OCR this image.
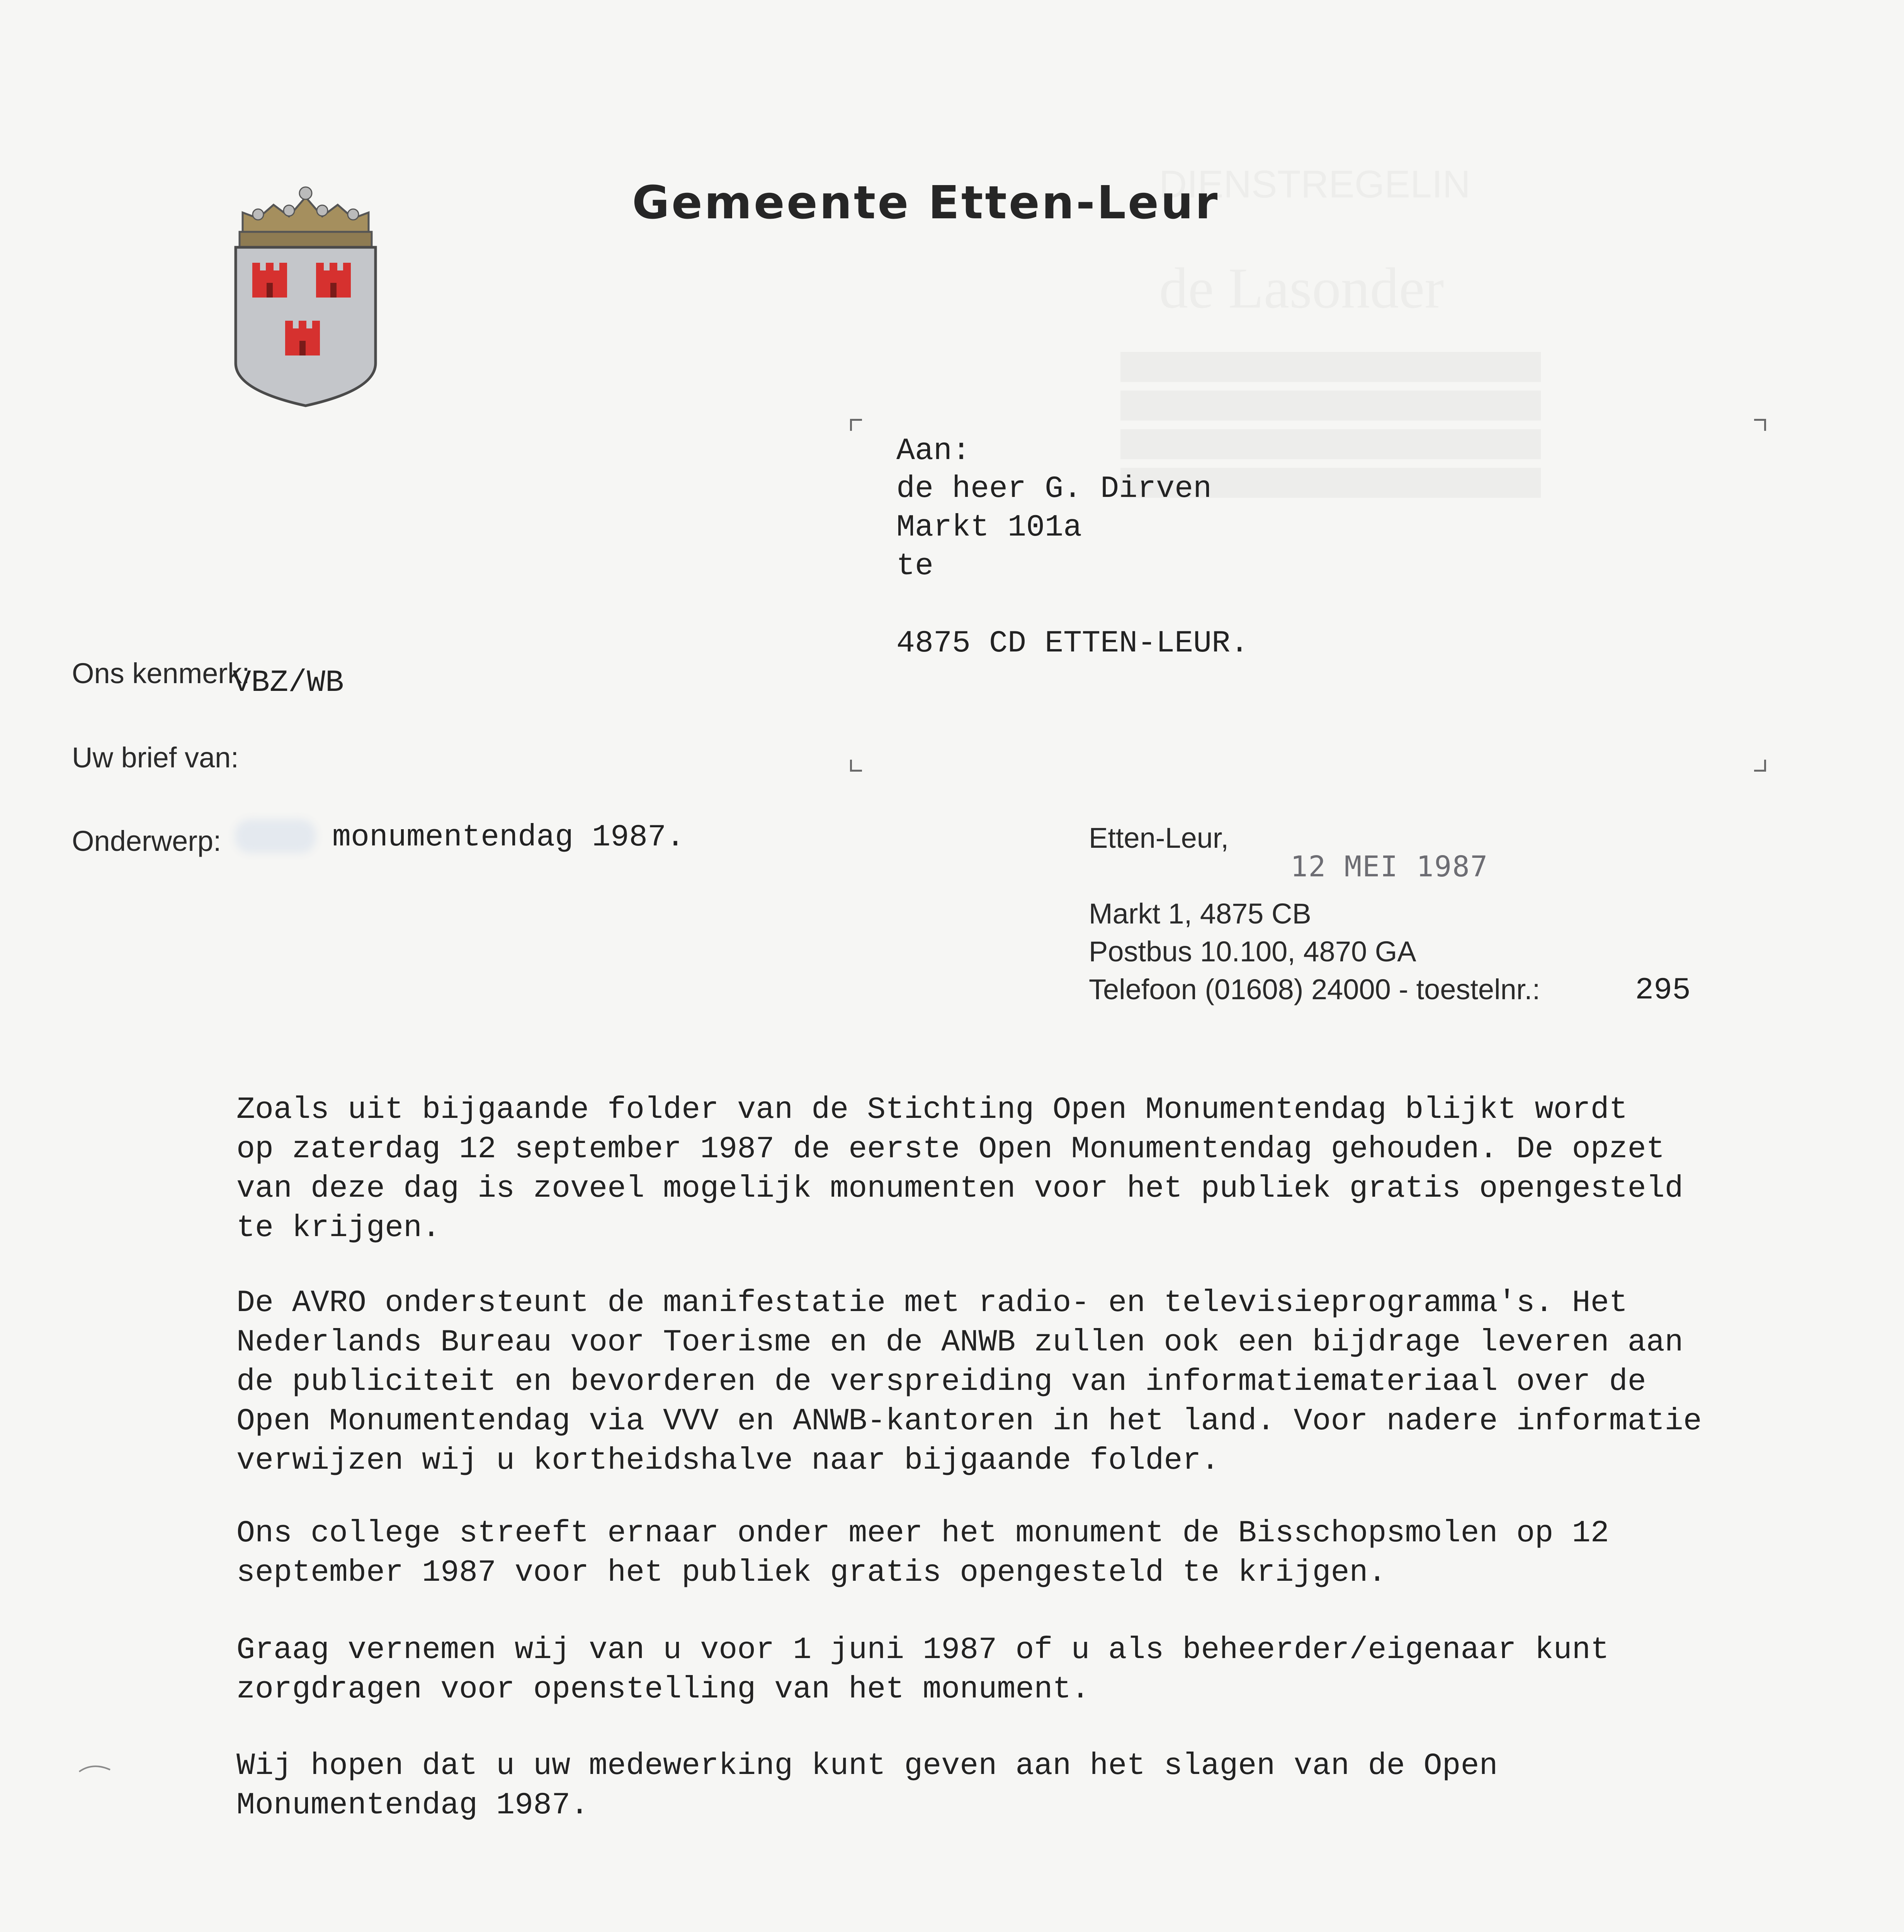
DIENSTREGELIN
de Lasonder
████████████████████████
████████████████████████
████████████████████████
████████████████████████
Gemeente Etten-Leur
Aan:
de heer G. Dirven
Markt 101a
te
4875 CD ETTEN-LEUR.
Ons kenmerk:
VBZ/WB
Uw brief van:
Onderwerp:	monumentendag 1987.	Etten-Leur,
12 MEI 1987
Markt 1, 4875 CB
Postbus 10.100, 4870 GA
Telefoon (01608) 24000 - toestelnr.:	295
Zoals uit bijgaande folder van de Stichting Open Monumentendag blijkt wordt
op zaterdag 12 september 1987 de eerste Open Monumentendag gehouden. De opzet
van deze dag is zoveel mogelijk monumenten voor het publiek gratis opengesteld
te krijgen.
De AVRO ondersteunt de manifestatie met radio- en televisieprogramma's. Het
Nederlands Bureau voor Toerisme en de ANWB zullen ook een bijdrage leveren aan
de publiciteit en bevorderen de verspreiding van informatiemateriaal over de
Open Monumentendag via VVV en ANWB-kantoren in het land. Voor nadere informatie
verwijzen wij u kortheidshalve naar bijgaande folder.
Ons college streeft ernaar onder meer het monument de Bisschopsmolen op 12
september 1987 voor het publiek gratis opengesteld te krijgen.
Graag vernemen wij van u voor 1 juni 1987 of u als beheerder/eigenaar kunt
zorgdragen voor openstelling van het monument.
Wij hopen dat u uw medewerking kunt geven aan het slagen van de Open
Monumentendag 1987.
